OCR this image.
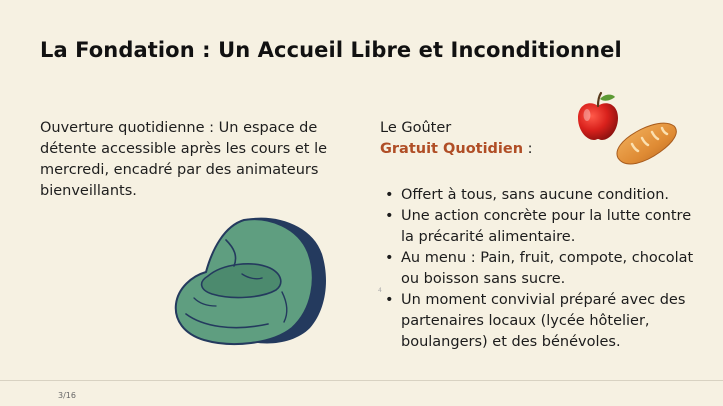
La Fondation : Un Accueil Libre et Inconditionnel
Ouverture quotidienne : Un espace de détente accessible après les cours et le mercredi, encadré par des animateurs bienveillants.
Le Goûter
Gratuit Quotidien :
• Offert à tous, sans aucune condition.
• Une action concrète pour la lutte contre la précarité alimentaire.
• Au menu : Pain, fruit, compote, chocolat ou boisson sans sucre.
• Un moment convivial préparé avec des partenaires locaux (lycée hôtelier, boulangers) et des bénévoles.
4
3/16
